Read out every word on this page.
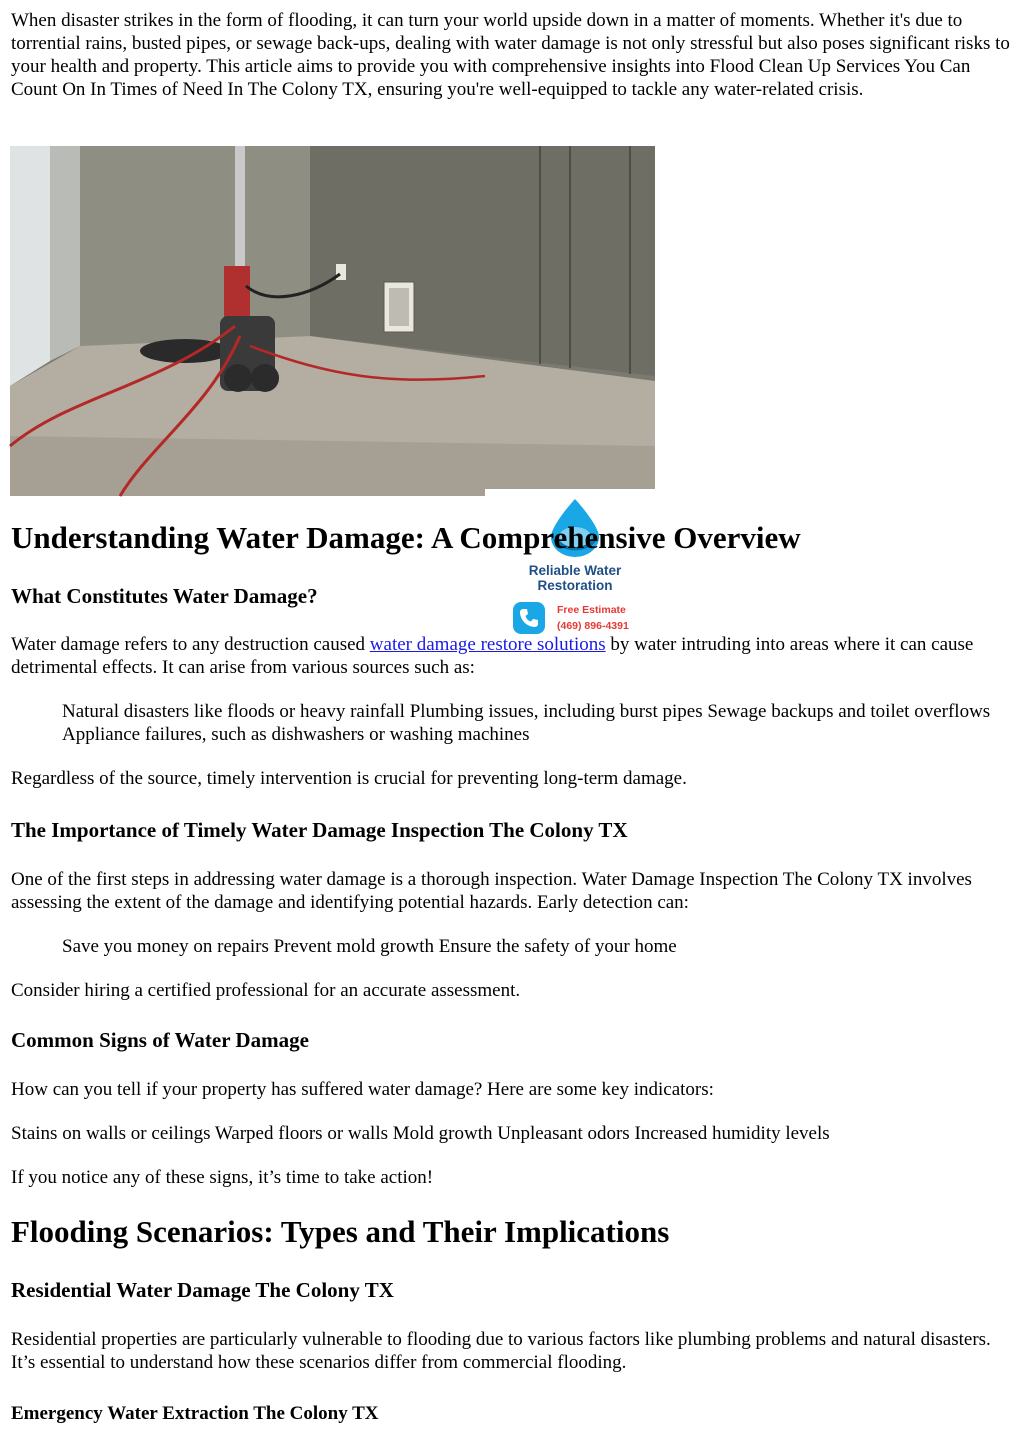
When disaster strikes in the form of flooding, it can turn your world upside down in a matter of moments. Whether it's due to torrential rains, busted pipes, or sewage back-ups, dealing with water damage is not only stressful but also poses significant risks to your health and property. This article aims to provide you with comprehensive insights into Flood Clean Up Services You Can Count On In Times of Need In The Colony TX, ensuring you're well-equipped to tackle any water-related crisis.

Reliable Water
Restoration
Free Estimate
(469) 896-4391
Understanding Water Damage: A Comprehensive Overview
What Constitutes Water Damage?

Water damage refers to any destruction caused water damage restore solutions by water intruding into areas where it can cause detrimental effects. It can arise from various sources such as:

Natural disasters like floods or heavy rainfall Plumbing issues, including burst pipes Sewage backups and toilet overflows Appliance failures, such as dishwashers or washing machines

Regardless of the source, timely intervention is crucial for preventing long-term damage.

The Importance of Timely Water Damage Inspection The Colony TX

One of the first steps in addressing water damage is a thorough inspection. Water Damage Inspection The Colony TX involves assessing the extent of the damage and identifying potential hazards. Early detection can:

Save you money on repairs Prevent mold growth Ensure the safety of your home

Consider hiring a certified professional for an accurate assessment.

Common Signs of Water Damage

How can you tell if your property has suffered water damage? Here are some key indicators:

Stains on walls or ceilings Warped floors or walls Mold growth Unpleasant odors Increased humidity levels

If you notice any of these signs, it’s time to take action!

Flooding Scenarios: Types and Their Implications
Residential Water Damage The Colony TX

Residential properties are particularly vulnerable to flooding due to various factors like plumbing problems and natural disasters. It’s essential to understand how these scenarios differ from commercial flooding.

Emergency Water Extraction The Colony TX
